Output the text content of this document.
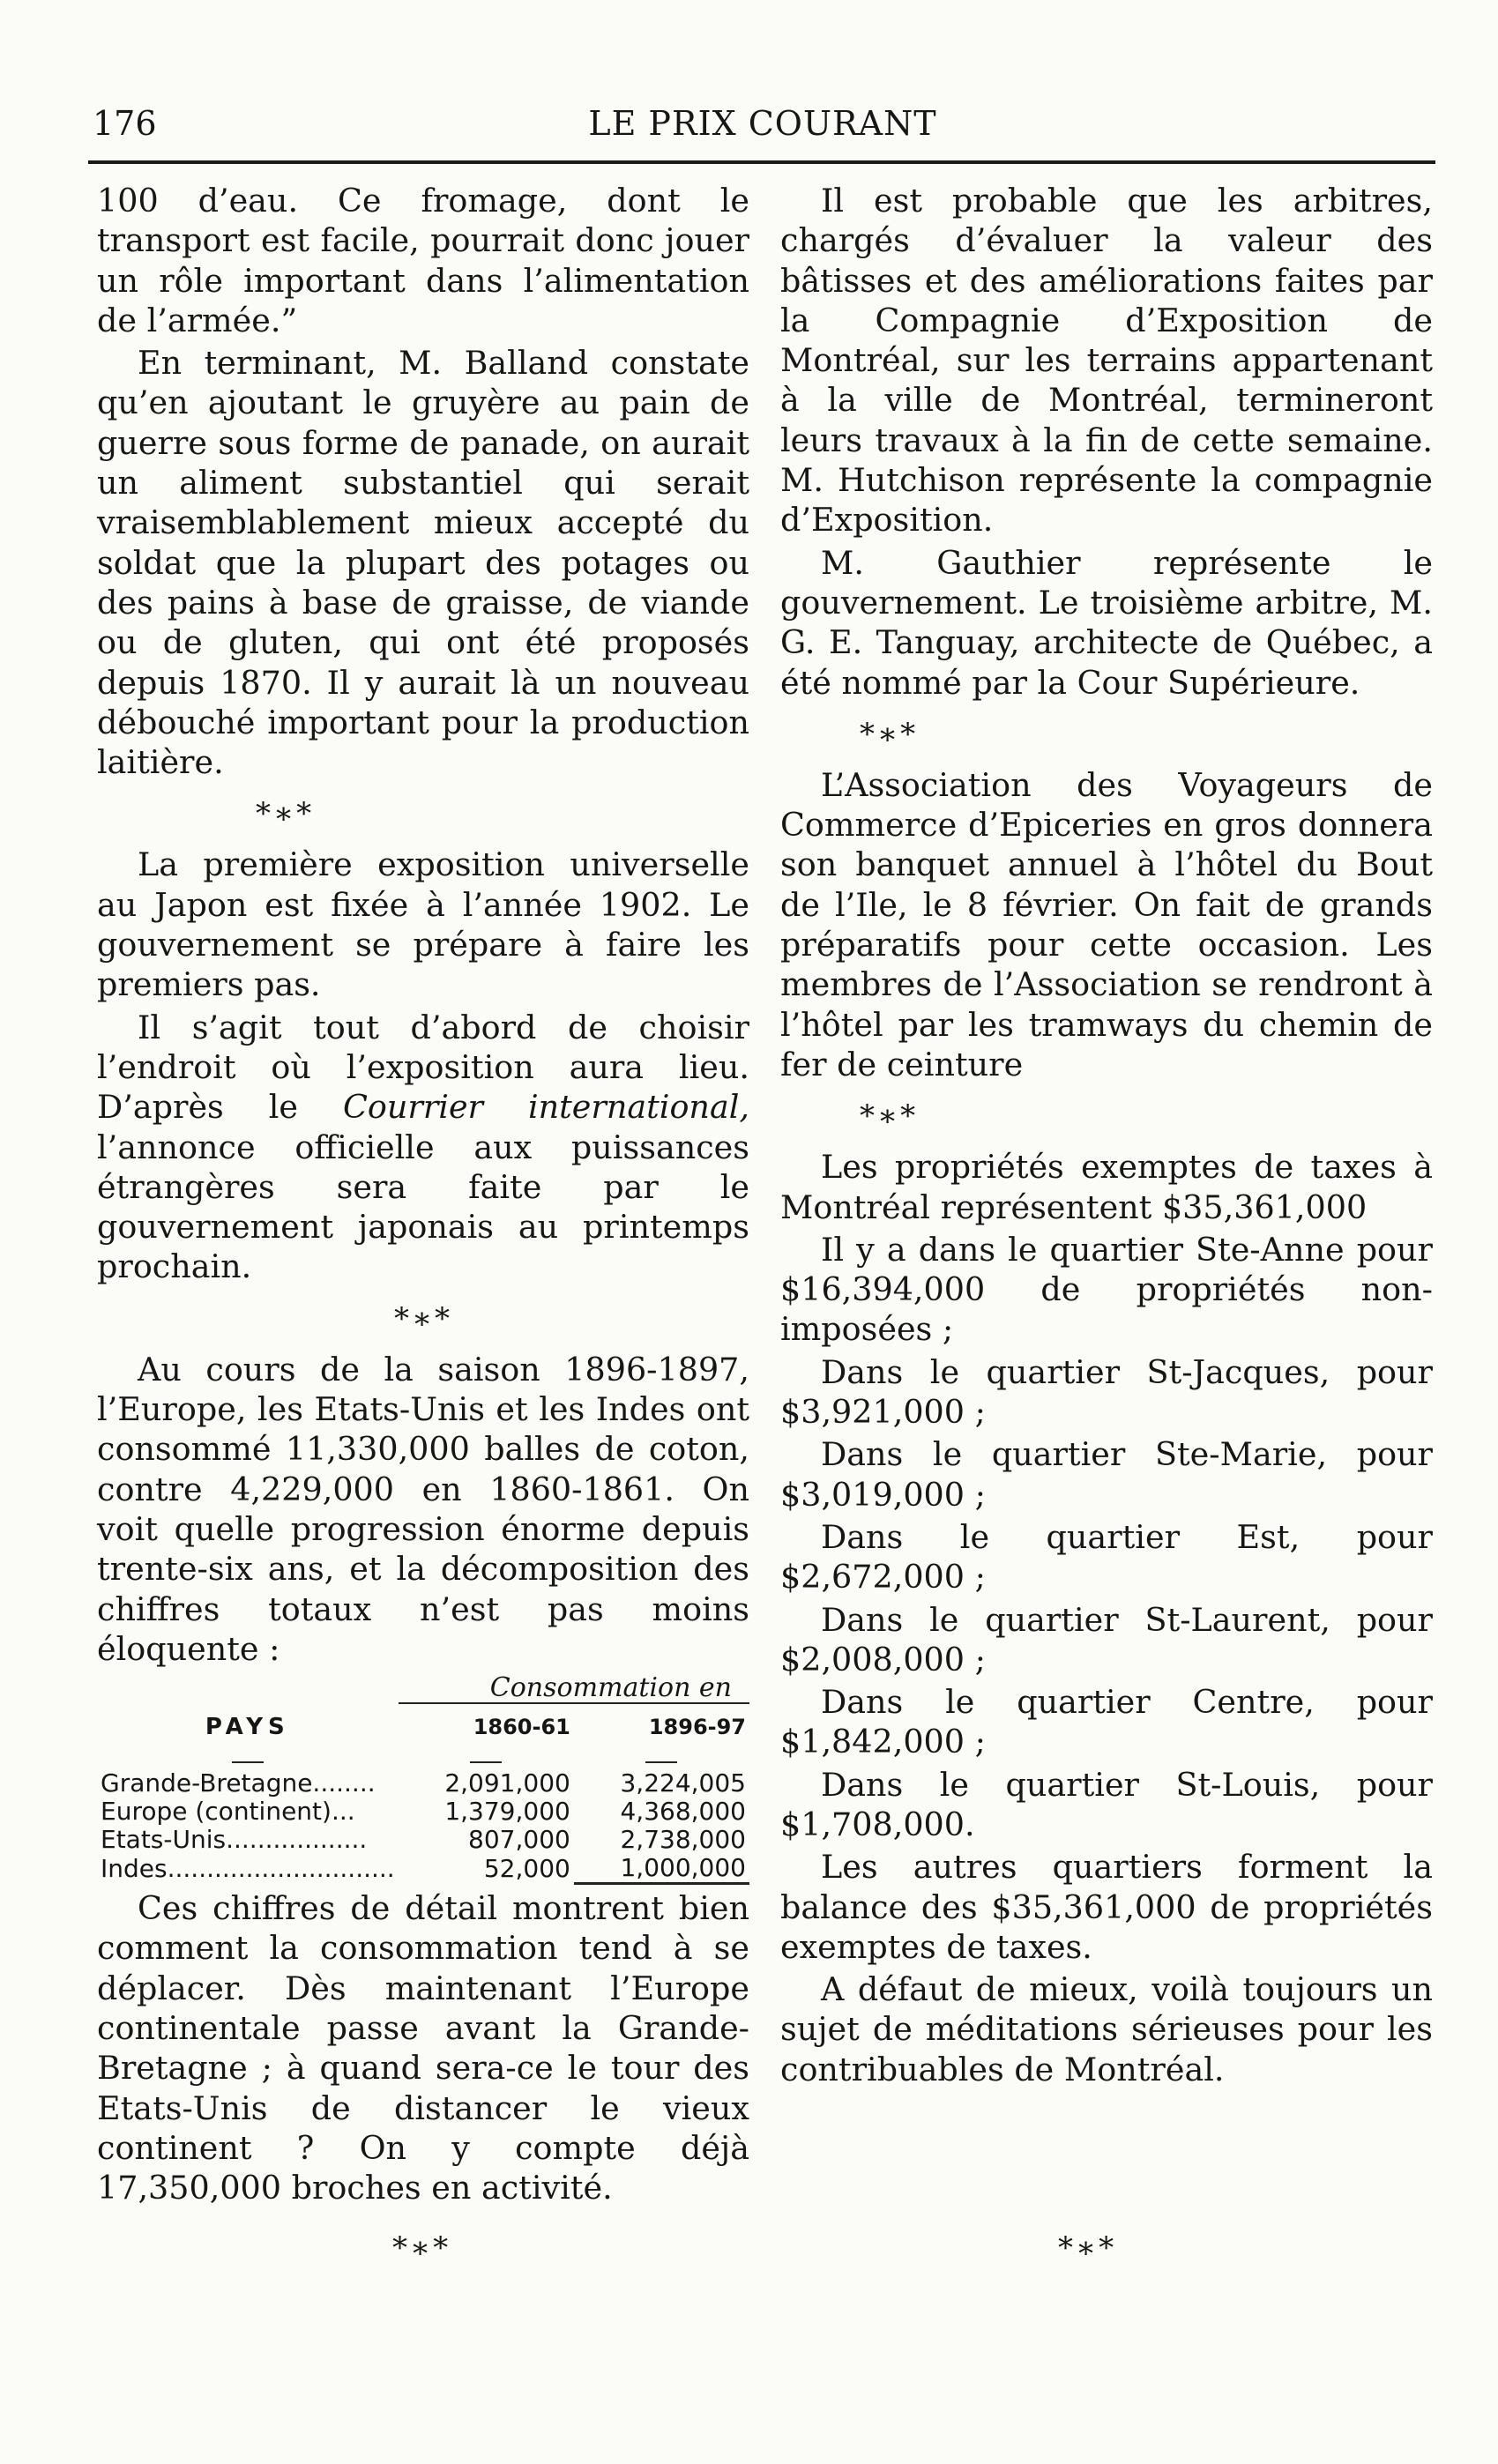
176	LE PRIX COURANT

100 d’eau. Ce fromage, dont le transport est facile, pourrait donc jouer un rôle important dans l’alimentation de l’armée.”

En terminant, M. Balland constate qu’en ajoutant le gruyère au pain de guerre sous forme de panade, on aurait un aliment substantiel qui serait vraisemblablement mieux accepté du soldat que la plupart des potages ou des pains à base de graisse, de viande ou de gluten, qui ont été proposés depuis 1870. Il y aurait là un nouveau débouché important pour la production laitière.

*∗*

La première exposition universelle au Japon est fixée à l’année 1902. Le gouvernement se prépare à faire les premiers pas.

Il s’agit tout d’abord de choisir l’endroit où l’exposition aura lieu. D’après le Courrier international, l’annonce officielle aux puissances étrangères sera faite par le gouvernement japonais au printemps prochain.

*∗*

Au cours de la saison 1896-1897, l’Europe, les Etats-Unis et les Indes ont consommé 11,330,000 balles de coton, contre 4,229,000 en 1860-1861. On voit quelle progression énorme depuis trente-six ans, et la décomposition des chiffres totaux n’est pas moins éloquente :

	Consommation en	
PAYS	1860-61	1896-97

Grande-Bretagne........	2,091,000	3,224,005
Europe (continent)...	1,379,000	4,368,000
Etats-Unis..................	807,000	2,738,000
Indes.............................	52,000	1,000,000

Ces chiffres de détail montrent bien comment la consommation tend à se déplacer. Dès maintenant l’Europe continentale passe avant la Grande-Bretagne ; à quand sera-ce le tour des Etats-Unis de distancer le vieux continent ? On y compte déjà 17,350,000 broches en activité.

Il est probable que les arbitres, chargés d’évaluer la valeur des bâtisses et des améliorations faites par la Compagnie d’Exposition de Montréal, sur les terrains appartenant à la ville de Montréal, termineront leurs travaux à la fin de cette semaine. M. Hutchison représente la compagnie d’Exposition.

M. Gauthier représente le gouvernement. Le troisième arbitre, M. G. E. Tanguay, architecte de Québec, a été nommé par la Cour Supérieure.

*∗*

L’Association des Voyageurs de Commerce d’Epiceries en gros donnera son banquet annuel à l’hôtel du Bout de l’Ile, le 8 février. On fait de grands préparatifs pour cette occasion. Les membres de l’Association se rendront à l’hôtel par les tramways du chemin de fer de ceinture

*∗*

Les propriétés exemptes de taxes à Montréal représentent $35,361,000

Il y a dans le quartier Ste-Anne pour $16,394,000 de propriétés non-imposées ;

Dans le quartier St-Jacques, pour $3,921,000 ;

Dans le quartier Ste-Marie, pour $3,019,000 ;

Dans le quartier Est, pour $2,672,000 ;

Dans le quartier St-Laurent, pour $2,008,000 ;

Dans le quartier Centre, pour $1,842,000 ;

Dans le quartier St-Louis, pour $1,708,000.

Les autres quartiers forment la balance des $35,361,000 de propriétés exemptes de taxes.

A défaut de mieux, voilà toujours un sujet de méditations sérieuses pour les contribuables de Montréal.

*∗*	*∗*
